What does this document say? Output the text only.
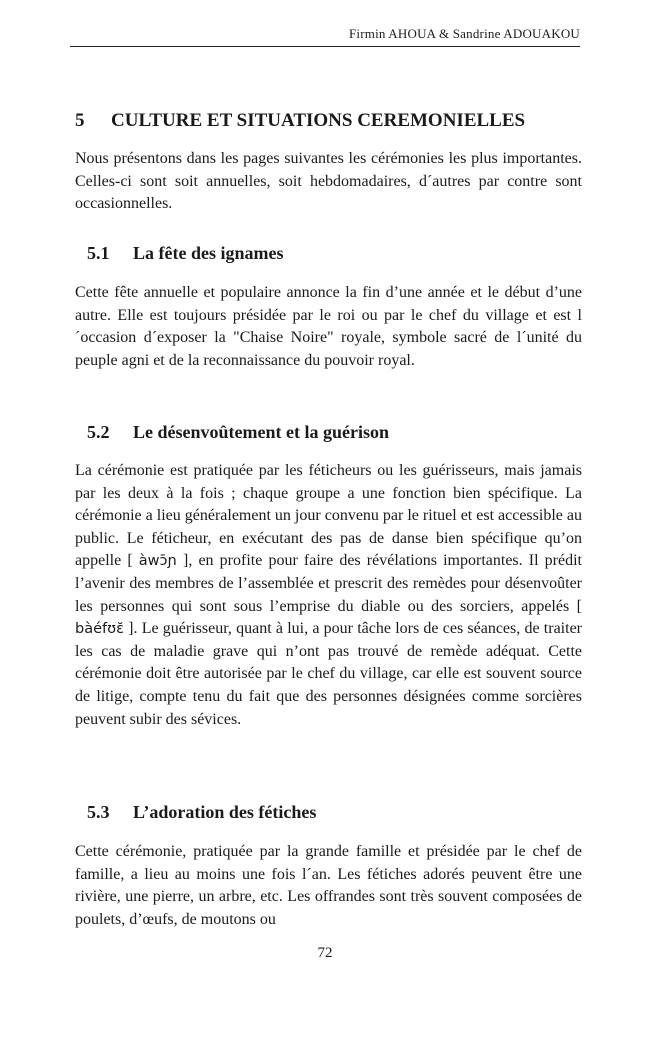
Firmin AHOUA & Sandrine ADOUAKOU
5 CULTURE ET SITUATIONS CEREMONIELLES

Nous présentons dans les pages suivantes les cérémonies les plus importantes. Celles-ci sont soit annuelles, soit hebdomadaires, d´autres par contre sont occasionnelles.

5.1 La fête des ignames

Cette fête annuelle et populaire annonce la fin d’une année et le début d’une autre. Elle est toujours présidée par le roi ou par le chef du village et est l´occasion d´exposer la "Chaise Noire" royale, symbole sacré de l´unité du peuple agni et de la reconnaissance du pouvoir royal.

5.2 Le désenvoûtement et la guérison

La cérémonie est pratiquée par les féticheurs ou les guérisseurs, mais jamais par les deux à la fois ; chaque groupe a une fonction bien spécifique. La cérémonie a lieu généralement un jour convenu par le rituel et est accessible au public. Le féticheur, en exécutant des pas de danse bien spécifique qu’on appelle [ àwɔ̄ɲ ], en profite pour faire des révélations importantes. Il prédit l’avenir des membres de l’assemblée et prescrit des remèdes pour désenvoûter les personnes qui sont sous l’emprise du diable ou des sorciers, appelés [ bàéfʊɛ̆ ]. Le guérisseur, quant à lui, a pour tâche lors de ces séances, de traiter les cas de maladie grave qui n’ont pas trouvé de remède adéquat. Cette cérémonie doit être autorisée par le chef du village, car elle est souvent source de litige, compte tenu du fait que des personnes désignées comme sorcières peuvent subir des sévices.

5.3 L’adoration des fétiches

Cette cérémonie, pratiquée par la grande famille et présidée par le chef de famille, a lieu au moins une fois l´an. Les fétiches adorés peuvent être une rivière, une pierre, un arbre, etc. Les offrandes sont très souvent composées de poulets, d’œufs, de moutons ou

72
